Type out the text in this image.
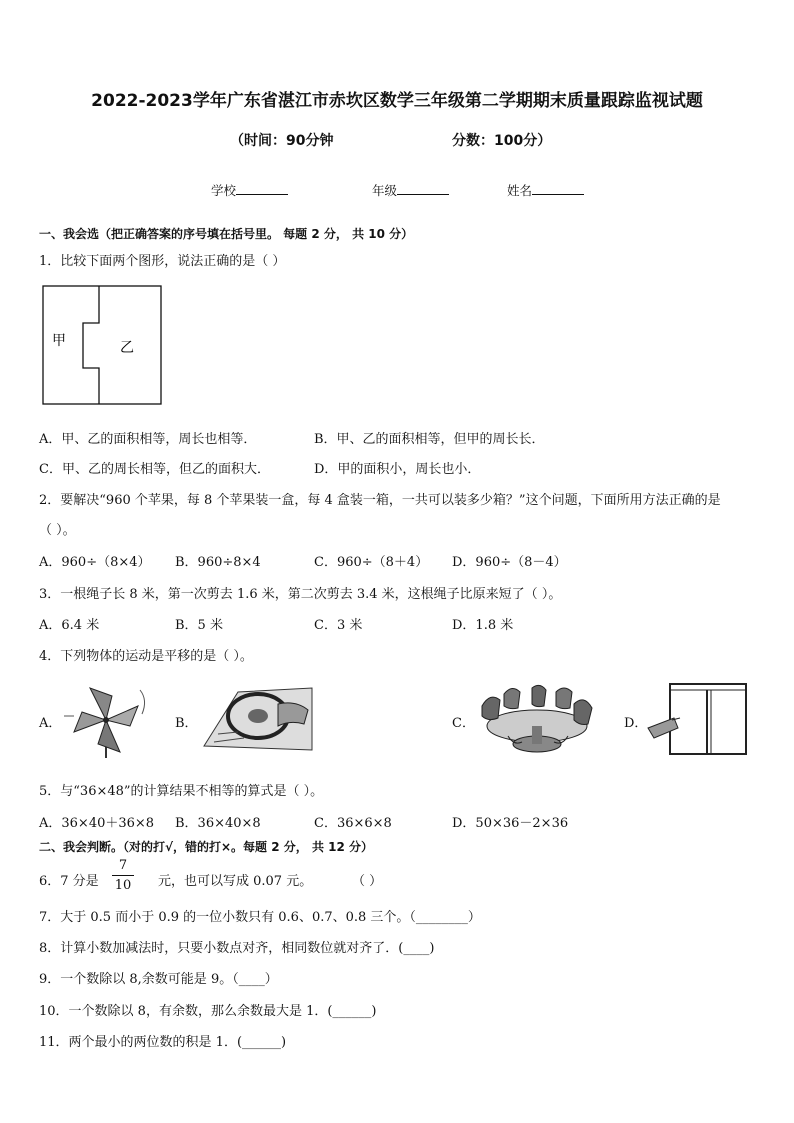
2022-2023学年广东省湛江市赤坎区数学三年级第二学期期末质量跟踪监视试题
（时间：90分钟	分数：100分）
学校	年级	姓名
一、我会选（把正确答案的序号填在括号里。 每题 2 分， 共 10 分）
1．比较下面两个图形，说法正确的是（ ）
甲	乙
A．甲、乙的面积相等，周长也相等．	B．甲、乙的面积相等，但甲的周长长．
C．甲、乙的周长相等，但乙的面积大．	D．甲的面积小，周长也小．
2．要解决“960 个苹果，每 8 个苹果装一盒，每 4 盒装一箱，一共可以装多少箱？”这个问题，下面所用方法正确的是
（ ）。
A．960÷（8×4） B．960÷8×4	C．960÷（8＋4） D．960÷（8－4）
3．一根绳子长 8 米，第一次剪去 1.6 米，第二次剪去 3.4 米，这根绳子比原来短了（ ）。
A．6.4 米	B．5 米	C．3 米	D．1.8 米
4．下列物体的运动是平移的是（ ）。
A．	B．	C．	D．
5．与“36×48”的计算结果不相等的算式是（ ）。
A．36×40＋36×8 B．36×40×8	C．36×6×8	D．50×36－2×36
二、我会判断。（对的打√，错的打×。每题 2 分， 共 12 分）
6．7 分是
7
10 元，也可以写成 0.07 元。	（ ）
7．大于 0.5 而小于 0.9 的一位小数只有 0.6、0.7、0.8 三个。（________）
8．计算小数加减法时，只要小数点对齐，相同数位就对齐了．(____)
9．一个数除以 8,余数可能是 9。（____）
10．一个数除以 8，有余数，那么余数最大是 1．(______)
11．两个最小的两位数的积是 1．(______)
